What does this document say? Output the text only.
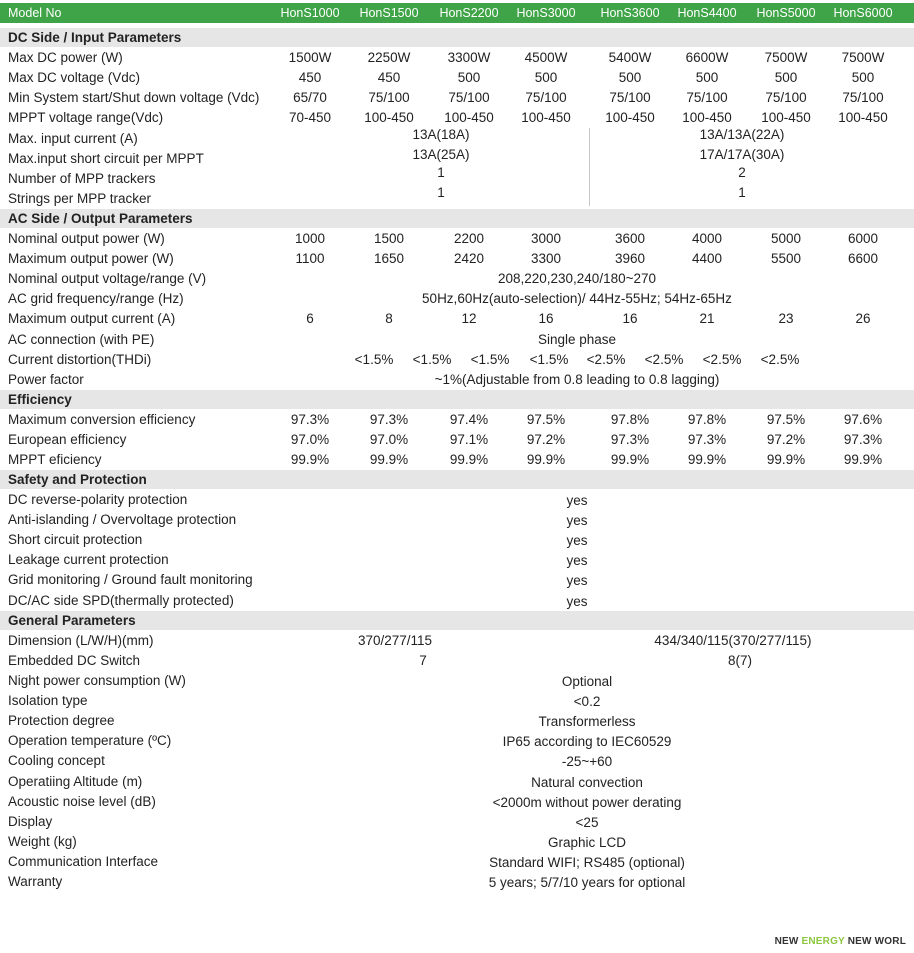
Model No	HonS1000	HonS1500	HonS2200	HonS3000	HonS3600	HonS4400	HonS5000	HonS6000
DC Side / Input Parameters
Max DC power (W)	1500W	2250W	3300W	4500W	5400W	6600W	7500W	7500W
Max DC voltage (Vdc)	450	450	500	500	500	500	500	500
Min System start/Shut down voltage (Vdc)	65/70	75/100	75/100	75/100	75/100	75/100	75/100	75/100
MPPT voltage range(Vdc)	70-450	100-450	100-450	100-450	100-450	100-450	100-450	100-450
Max. input current (A)	13A(18A)	13A/13A(22A)
Max.input short circuit per MPPT	13A(25A)	17A/17A(30A)
Number of MPP trackers	1	2
Strings per MPP tracker	1	1
AC Side / Output Parameters
Nominal output power (W)	1000	1500	2200	3000	3600	4000	5000	6000
Maximum output power (W)	1100	1650	2420	3300	3960	4400	5500	6600
Nominal output voltage/range (V)	208,220,230,240/180~270
AC grid frequency/range (Hz)	50Hz,60Hz(auto-selection)/ 44Hz-55Hz; 54Hz-65Hz
Maximum output current (A)	6	8	12	16	16	21	23	26
AC connection (with PE)	Single phase
Current distortion(THDi)	<1.5%	<1.5%	<1.5%	<1.5%	<2.5%	<2.5%	<2.5%	<2.5%
Power factor	~1%(Adjustable from 0.8 leading to 0.8 lagging)
Efficiency
Maximum conversion efficiency	97.3%	97.3%	97.4%	97.5%	97.8%	97.8%	97.5%	97.6%
European efficiency	97.0%	97.0%	97.1%	97.2%	97.3%	97.3%	97.2%	97.3%
MPPT eficiency	99.9%	99.9%	99.9%	99.9%	99.9%	99.9%	99.9%	99.9%
Safety and Protection
DC reverse-polarity protection	yes
Anti-islanding / Overvoltage protection	yes
Short circuit protection	yes
Leakage current protection	yes
Grid monitoring / Ground fault monitoring	yes
DC/AC side SPD(thermally protected)	yes
General Parameters
Dimension (L/W/H)(mm)	370/277/115	434/340/115(370/277/115)
Embedded DC Switch	7	8(7)
Night power consumption (W)	Optional
Isolation type	<0.2
Protection degree	Transformerless
Operation temperature (ºC)	IP65 according to IEC60529
Cooling concept	-25~+60
Operatiing Altitude (m)	Natural convection
Acoustic noise level (dB)	<2000m without power derating
Display	<25
Weight (kg)	Graphic LCD
Communication Interface	Standard WIFI; RS485 (optional)
Warranty	5 years; 5/7/10 years for optional
NEW ENERGY NEW WORL
